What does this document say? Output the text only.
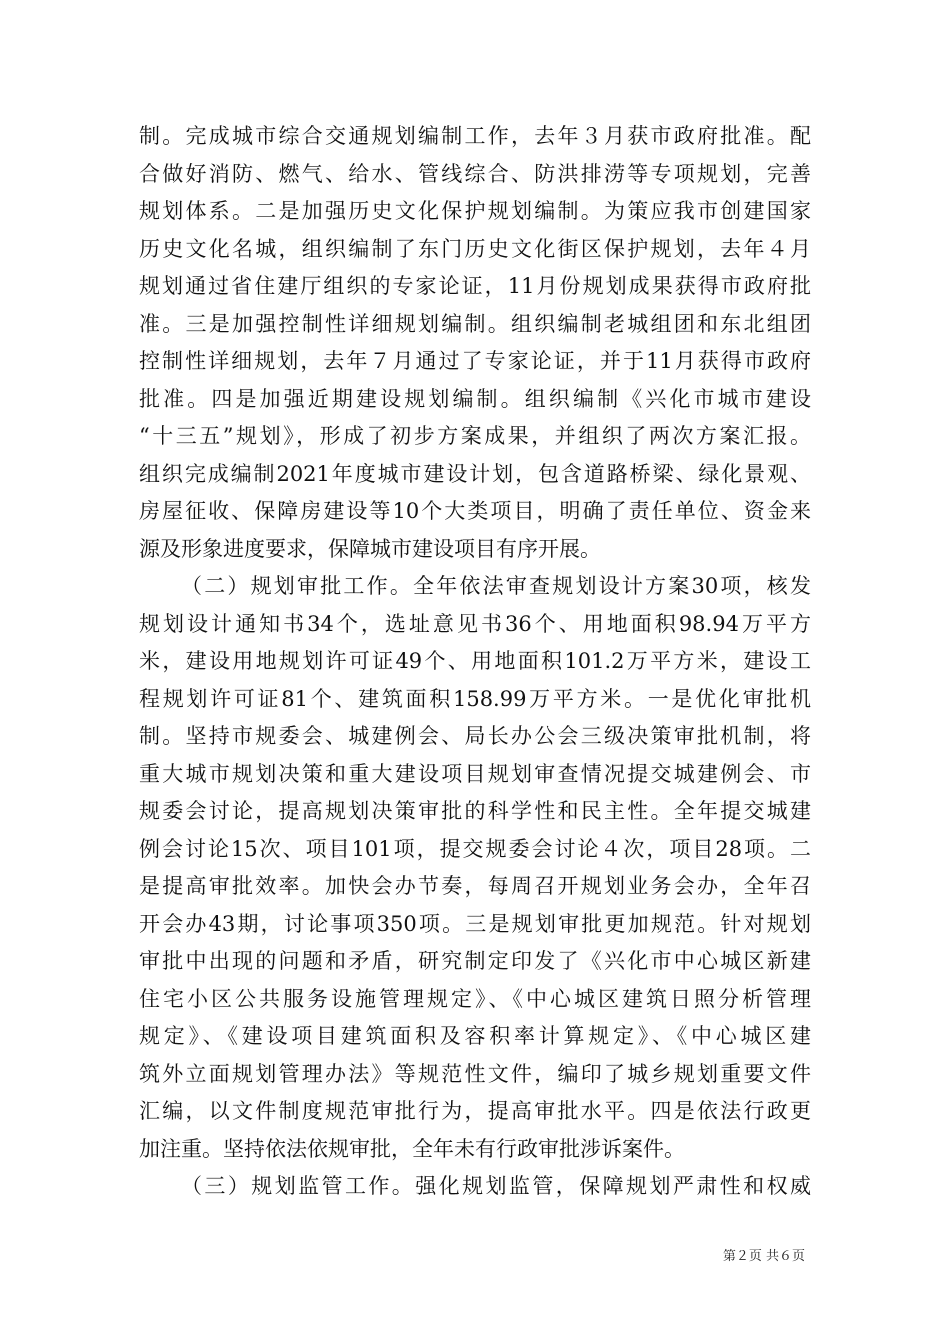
制。完成城市综合交通规划编制工作，去年３月获市政府批准。配
合做好消防、燃气、给水、管线综合、防洪排涝等专项规划，完善
规划体系。二是加强历史文化保护规划编制。为策应我市创建国家
历史文化名城，组织编制了东门历史文化街区保护规划，去年４月
规划通过省住建厅组织的专家论证，11月份规划成果获得市政府批
准。三是加强控制性详细规划编制。组织编制老城组团和东北组团
控制性详细规划，去年７月通过了专家论证，并于11月获得市政府
批准。四是加强近期建设规划编制。组织编制《兴化市城市建设
“十三五”规划》，形成了初步方案成果，并组织了两次方案汇报。
组织完成编制2021年度城市建设计划，包含道路桥梁、绿化景观、
房屋征收、保障房建设等10个大类项目，明确了责任单位、资金来
源及形象进度要求，保障城市建设项目有序开展。
（二）规划审批工作。全年依法审查规划设计方案30项，核发
规划设计通知书34个，选址意见书36个、用地面积98.94万平方
米，建设用地规划许可证49个、用地面积101.2万平方米，建设工
程规划许可证81个、建筑面积158.99万平方米。一是优化审批机
制。坚持市规委会、城建例会、局长办公会三级决策审批机制，将
重大城市规划决策和重大建设项目规划审查情况提交城建例会、市
规委会讨论，提高规划决策审批的科学性和民主性。全年提交城建
例会讨论15次、项目101项，提交规委会讨论４次，项目28项。二
是提高审批效率。加快会办节奏，每周召开规划业务会办，全年召
开会办43期，讨论事项350项。三是规划审批更加规范。针对规划
审批中出现的问题和矛盾，研究制定印发了《兴化市中心城区新建
住宅小区公共服务设施管理规定》、《中心城区建筑日照分析管理
规定》、《建设项目建筑面积及容积率计算规定》、《中心城区建
筑外立面规划管理办法》等规范性文件，编印了城乡规划重要文件
汇编，以文件制度规范审批行为，提高审批水平。四是依法行政更
加注重。坚持依法依规审批，全年未有行政审批涉诉案件。
（三）规划监管工作。强化规划监管，保障规划严肃性和权威
第２页 共６页
